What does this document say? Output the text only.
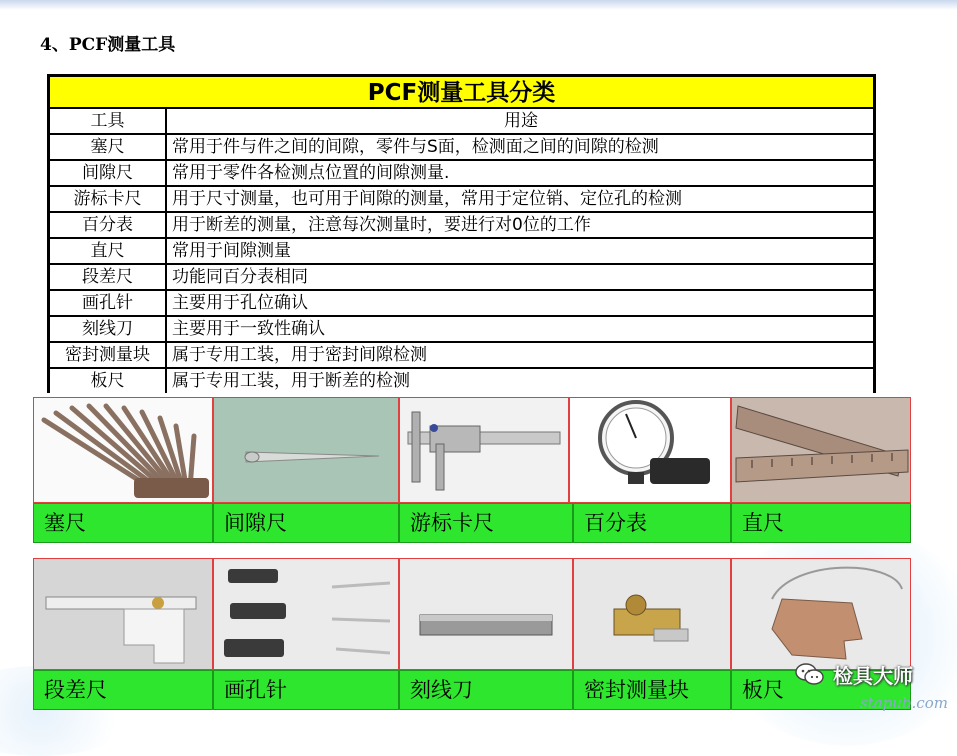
4、PCF测量工具
PCF测量工具分类
工具	用途
塞尺	常用于件与件之间的间隙，零件与S面，检测面之间的间隙的检测
间隙尺	常用于零件各检测点位置的间隙测量.
游标卡尺	用于尺寸测量，也可用于间隙的测量，常用于定位销、定位孔的检测
百分表	用于断差的测量，注意每次测量时，要进行对0位的工作
直尺	常用于间隙测量
段差尺	功能同百分表相同
画孔针	主要用于孔位确认
刻线刀	主要用于一致性确认
密封测量块	属于专用工装，用于密封间隙检测
板尺	属于专用工装，用于断差的检测
塞尺	间隙尺	游标卡尺	百分表	直尺
段差尺	画孔针	刻线刀	密封测量块	板尺
检具大师
stapub.com
